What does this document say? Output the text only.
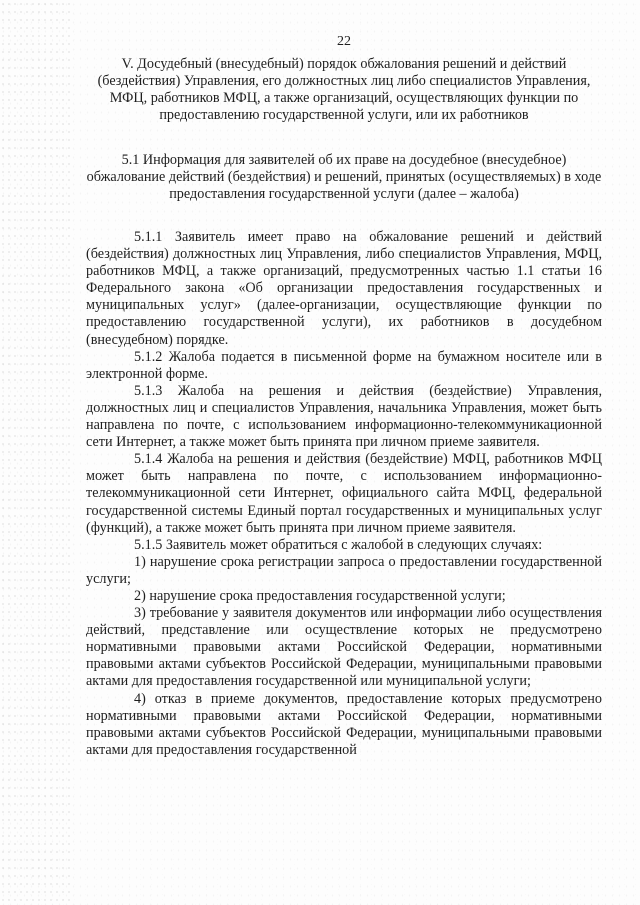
22

V. Досудебный (внесудебный) порядок обжалования решений и действий (бездействия) Управления, его должностных лиц либо специалистов Управления, МФЦ, работников МФЦ, а также организаций, осуществляющих функции по предоставлению государственной услуги, или их работников

5.1 Информация для заявителей об их праве на досудебное (внесудебное) обжалование действий (бездействия) и решений, принятых (осуществляемых) в ходе предоставления государственной услуги (далее – жалоба)

5.1.1 Заявитель имеет право на обжалование решений и действий (бездействия) должностных лиц Управления, либо специалистов Управления, МФЦ, работников МФЦ, а также организаций, предусмотренных частью 1.1 статьи 16 Федерального закона «Об организации предоставления государственных и муниципальных услуг» (далее-организации, осуществляющие функции по предоставлению государственной услуги), их работников в досудебном (внесудебном) порядке.

5.1.2 Жалоба подается в письменной форме на бумажном носителе или в электронной форме.

5.1.3 Жалоба на решения и действия (бездействие) Управления, должностных лиц и специалистов Управления, начальника Управления, может быть направлена по почте, с использованием информационно-телекоммуникационной сети Интернет, а также может быть принята при личном приеме заявителя.

5.1.4 Жалоба на решения и действия (бездействие) МФЦ, работников МФЦ может быть направлена по почте, с использованием информационно-телекоммуникационной сети Интернет, официального сайта МФЦ, федеральной государственной системы Единый портал государственных и муниципальных услуг (функций), а также может быть принята при личном приеме заявителя.

5.1.5 Заявитель может обратиться с жалобой в следующих случаях:

1) нарушение срока регистрации запроса о предоставлении государственной услуги;

2) нарушение срока предоставления государственной услуги;

3) требование у заявителя документов или информации либо осуществления действий, представление или осуществление которых не предусмотрено нормативными правовыми актами Российской Федерации, нормативными правовыми актами субъектов Российской Федерации, муниципальными правовыми актами для предоставления государственной или муниципальной услуги;

4) отказ в приеме документов, предоставление которых предусмотрено нормативными правовыми актами Российской Федерации, нормативными правовыми актами субъектов Российской Федерации, муниципальными правовыми актами для предоставления государственной
